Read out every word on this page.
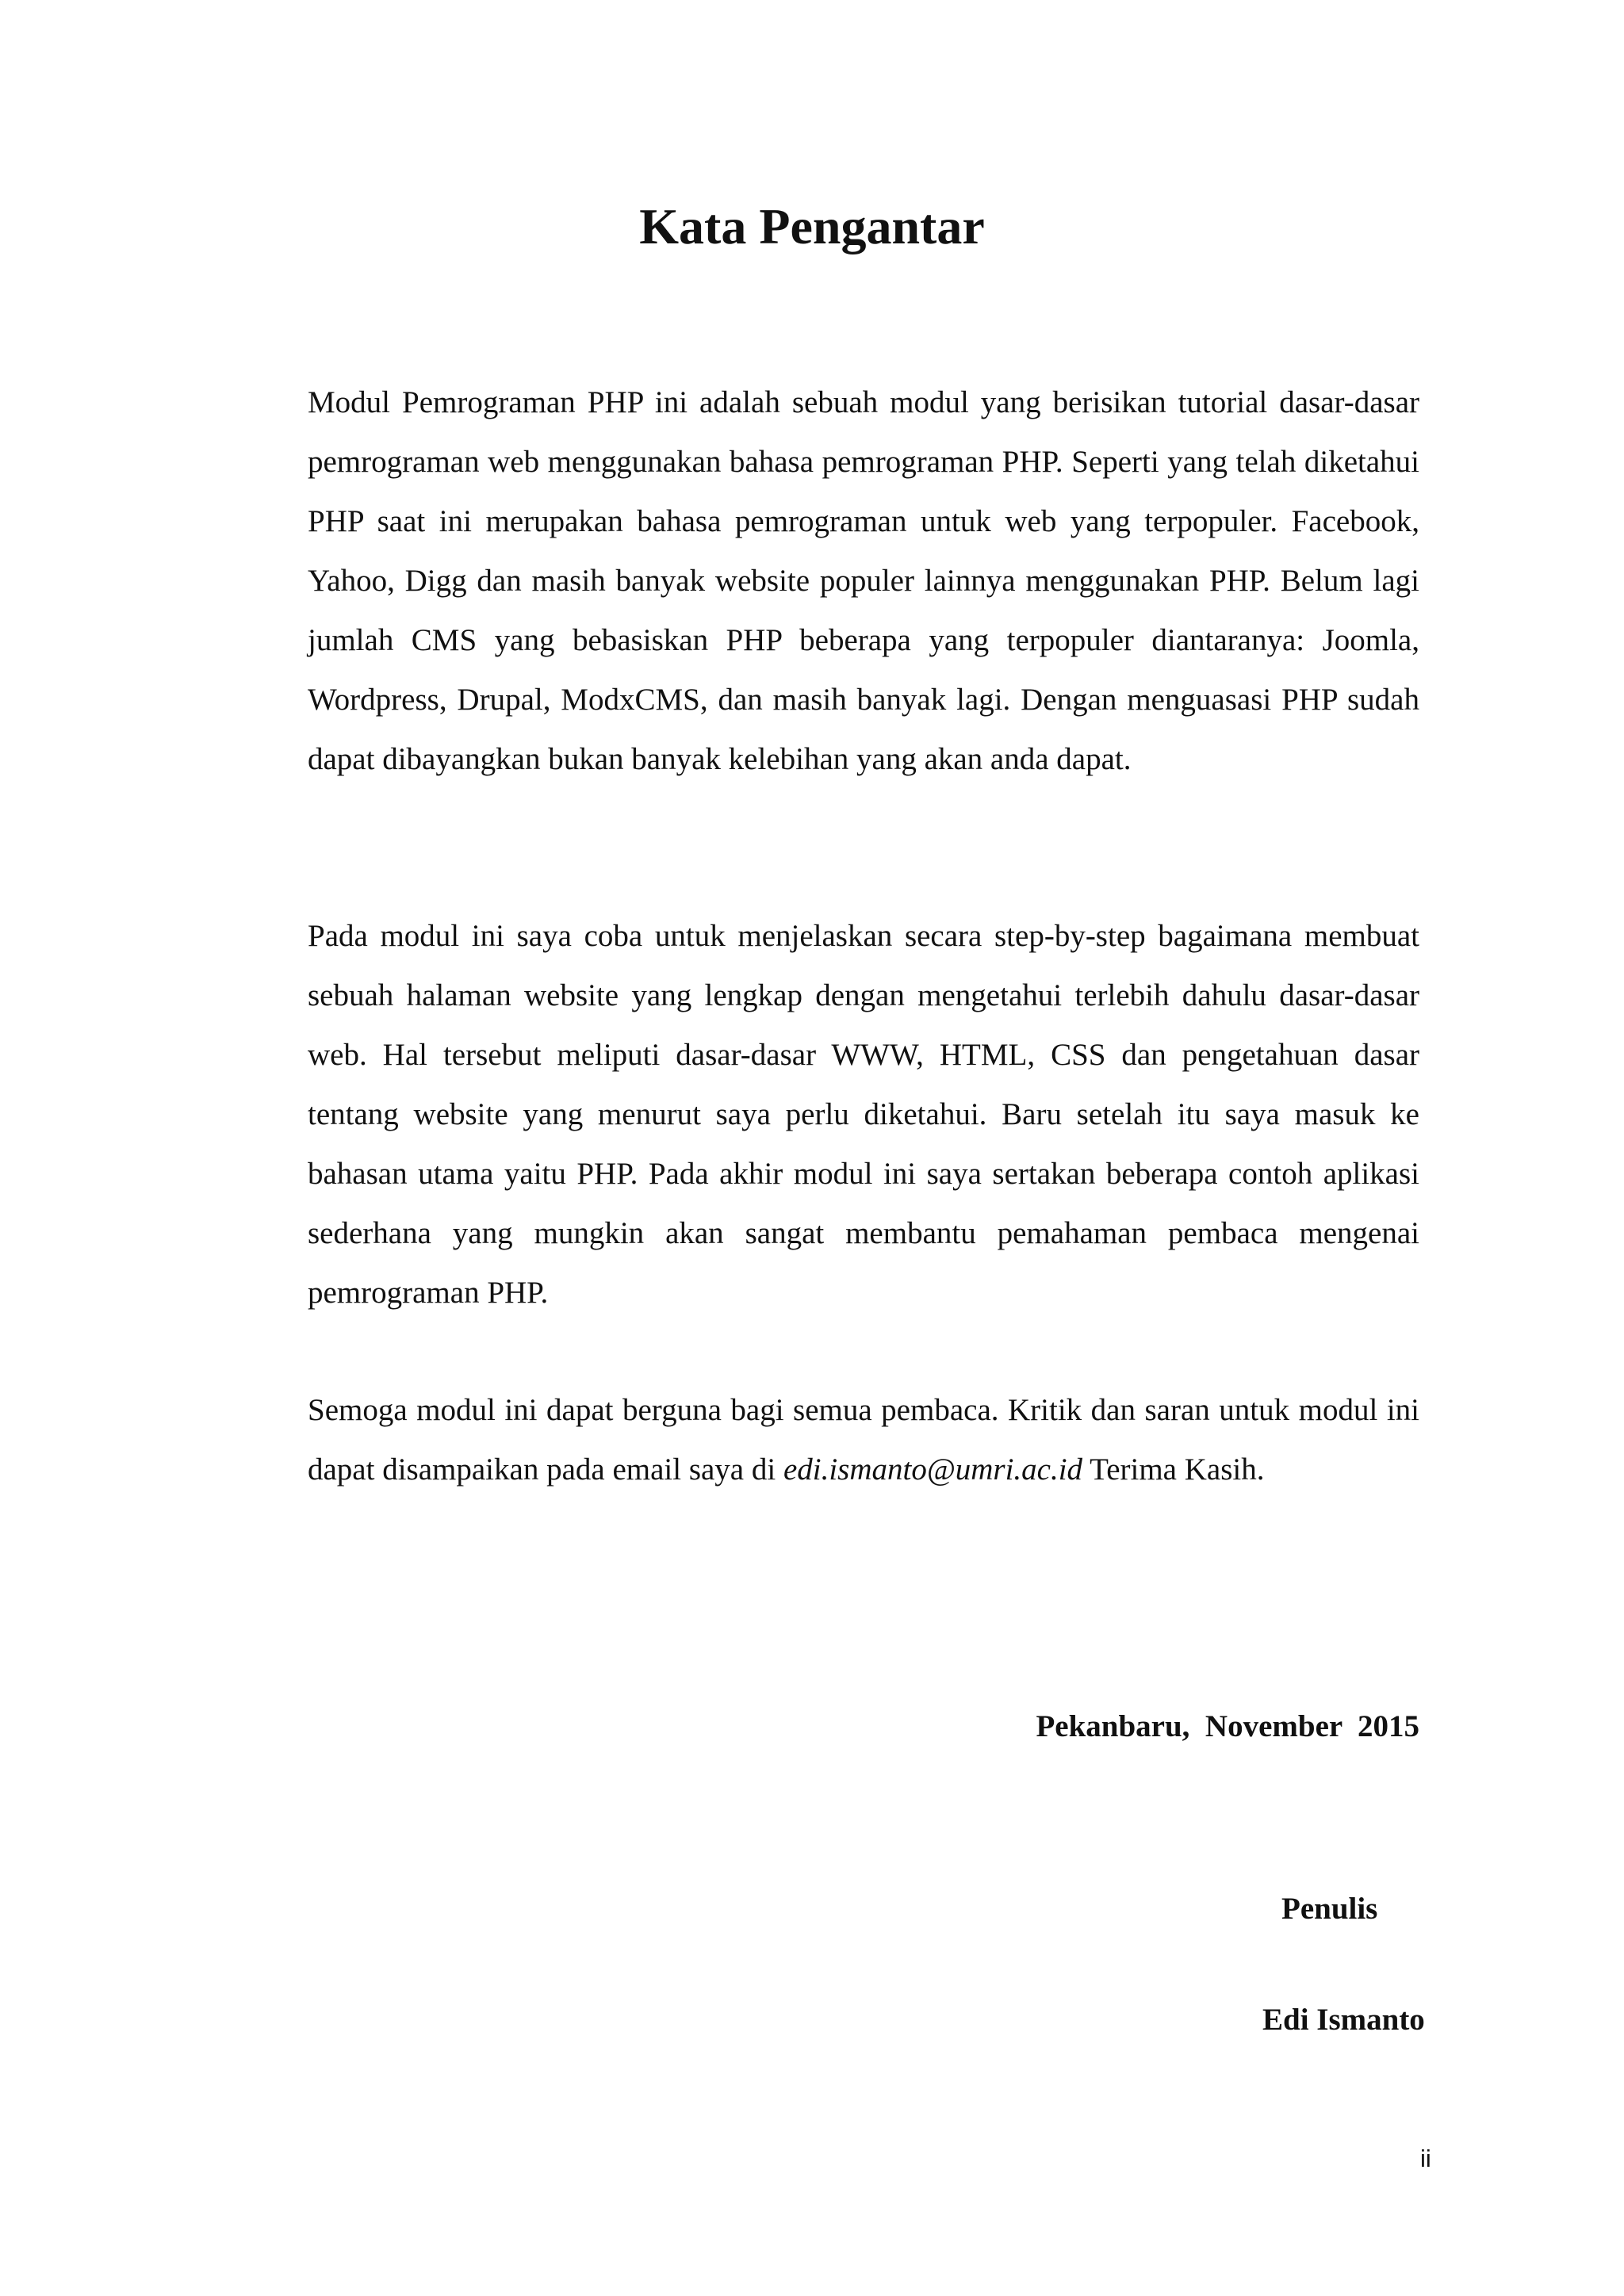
Kata Pengantar

Modul Pemrograman PHP ini adalah sebuah modul yang berisikan tutorial dasar-dasar pemrograman web menggunakan bahasa pemrograman PHP. Seperti yang telah diketahui PHP saat ini merupakan bahasa pemrograman untuk web yang terpopuler. Facebook, Yahoo, Digg dan masih banyak website populer lainnya menggunakan PHP. Belum lagi jumlah CMS yang bebasiskan PHP beberapa yang terpopuler diantaranya: Joomla, Wordpress, Drupal, ModxCMS, dan masih banyak lagi. Dengan menguasasi PHP sudah dapat dibayangkan bukan banyak kelebihan yang akan anda dapat.

Pada modul ini saya coba untuk menjelaskan secara step-by-step bagaimana membuat sebuah halaman website yang lengkap dengan mengetahui terlebih dahulu dasar-dasar web. Hal tersebut meliputi dasar-dasar WWW, HTML, CSS dan pengetahuan dasar tentang website yang menurut saya perlu diketahui. Baru setelah itu saya masuk ke bahasan utama yaitu PHP. Pada akhir modul ini saya sertakan beberapa contoh aplikasi sederhana yang mungkin akan sangat membantu pemahaman pembaca mengenai pemrograman PHP.

Semoga modul ini dapat berguna bagi semua pembaca. Kritik dan saran untuk modul ini dapat disampaikan pada email saya di edi.ismanto@umri.ac.id Terima Kasih.

Pekanbaru,  November  2015
Penulis
Edi Ismanto
ii
